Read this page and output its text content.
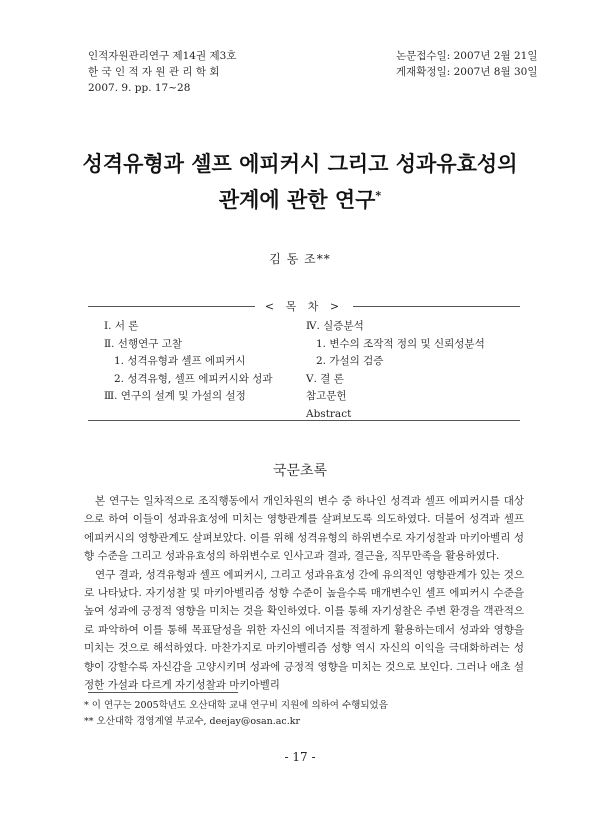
인적자원관리연구 제14권 제3호
한 국 인 적 자 원 관 리 학 회
2007. 9. pp. 17~28
논문접수일: 2007년 2월 21일
게재확정일: 2007년 8월 30일
성격유형과 셀프 에피커시 그리고 성과유효성의
관계에 관한 연구*
김 동 조**
< 목 차 >
Ⅰ. 서 론
Ⅱ. 선행연구 고찰
1. 성격유형과 셀프 에피커시
2. 성격유형, 셀프 에피커시와 성과
Ⅲ. 연구의 설계 및 가설의 설정
Ⅳ. 실증분석
1. 변수의 조작적 정의 및 신뢰성분석
2. 가설의 검증
Ⅴ. 결 론
참고문헌
Abstract
국문초록

본 연구는 일차적으로 조직행동에서 개인차원의 변수 중 하나인 성격과 셀프 에피커시를 대상으로 하여 이들이 성과유효성에 미치는 영향관계를 살펴보도록 의도하였다. 더불어 성격과 셀프 에피커시의 영향관계도 살펴보았다. 이를 위해 성격유형의 하위변수로 자기성찰과 마키아벨리 성향 수준을 그리고 성과유효성의 하위변수로 인사고과 결과, 결근율, 직무만족을 활용하였다.

연구 결과, 성격유형과 셀프 에피커시, 그리고 성과유효성 간에 유의적인 영향관계가 있는 것으로 나타났다. 자기성찰 및 마키아벨리즘 성향 수준이 높을수록 매개변수인 셀프 에피커시 수준을 높여 성과에 긍정적 영향을 미치는 것을 확인하였다. 이를 통해 자기성찰은 주변 환경을 객관적으로 파악하여 이를 통해 목표달성을 위한 자신의 에너지를 적절하게 활용하는데서 성과와 영향을 미치는 것으로 해석하였다. 마찬가지로 마키아벨리즘 성향 역시 자신의 이익을 극대화하려는 성향이 강할수록 자신감을 고양시키며 성과에 긍정적 영향을 미치는 것으로 보인다. 그러나 애초 설정한 가설과 다르게 자기성찰과 마키아벨리

* 이 연구는 2005학년도 오산대학 교내 연구비 지원에 의하여 수행되었음
** 오산대학 경영계열 부교수, deejay@osan.ac.kr
- 17 -
